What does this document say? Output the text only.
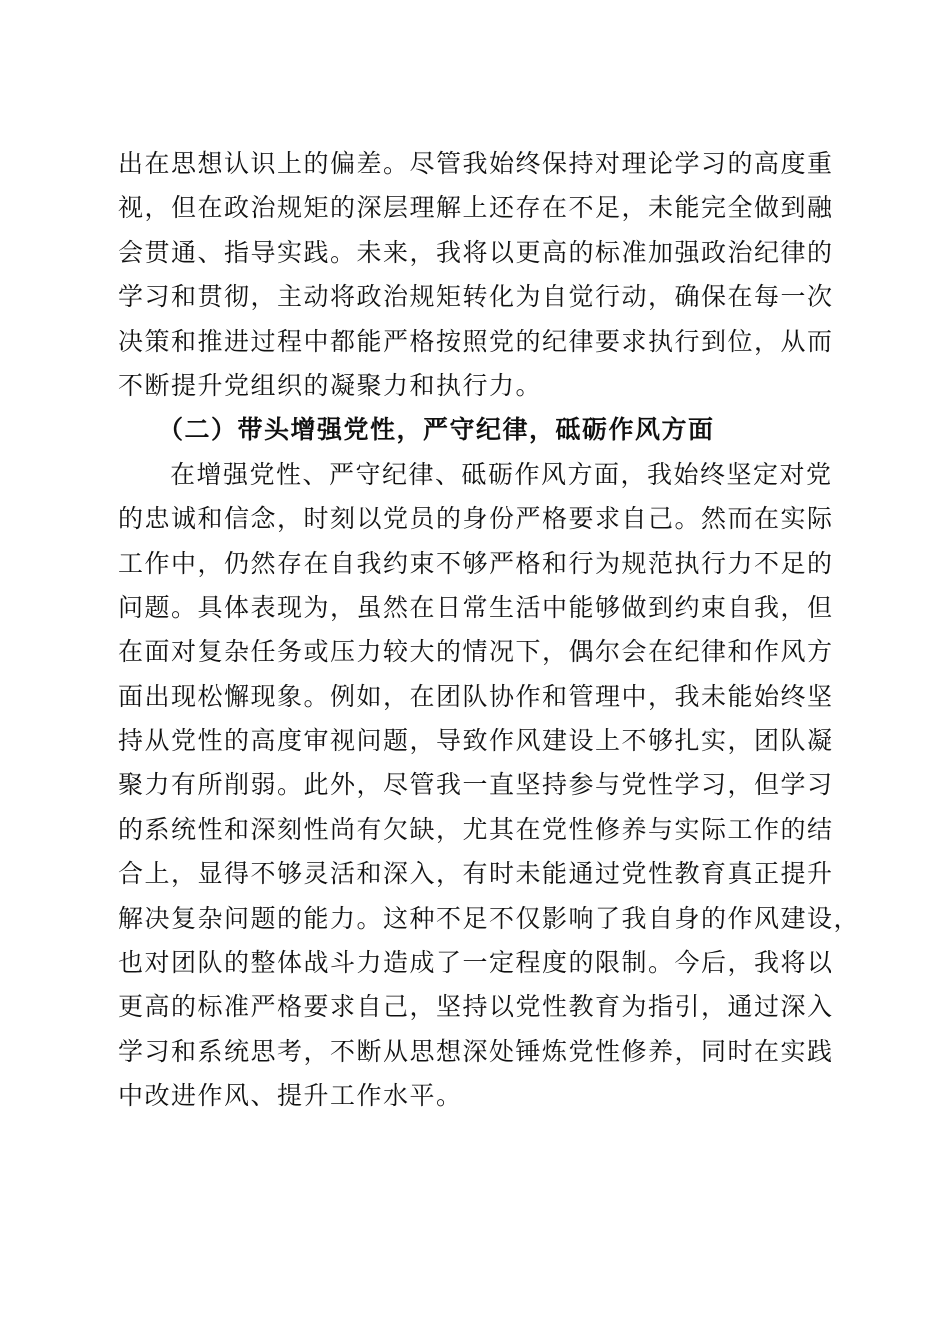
出在思想认识上的偏差。尽管我始终保持对理论学习的高度重
视，但在政治规矩的深层理解上还存在不足，未能完全做到融
会贯通、指导实践。未来，我将以更高的标准加强政治纪律的
学习和贯彻，主动将政治规矩转化为自觉行动，确保在每一次
决策和推进过程中都能严格按照党的纪律要求执行到位，从而
不断提升党组织的凝聚力和执行力。
（二）带头增强党性，严守纪律，砥砺作风方面
在增强党性、严守纪律、砥砺作风方面，我始终坚定对党
的忠诚和信念，时刻以党员的身份严格要求自己。然而在实际
工作中，仍然存在自我约束不够严格和行为规范执行力不足的
问题。具体表现为，虽然在日常生活中能够做到约束自我，但
在面对复杂任务或压力较大的情况下，偶尔会在纪律和作风方
面出现松懈现象。例如，在团队协作和管理中，我未能始终坚
持从党性的高度审视问题，导致作风建设上不够扎实，团队凝
聚力有所削弱。此外，尽管我一直坚持参与党性学习，但学习
的系统性和深刻性尚有欠缺，尤其在党性修养与实际工作的结
合上，显得不够灵活和深入，有时未能通过党性教育真正提升
解决复杂问题的能力。这种不足不仅影响了我自身的作风建设，
也对团队的整体战斗力造成了一定程度的限制。今后，我将以
更高的标准严格要求自己，坚持以党性教育为指引，通过深入
学习和系统思考，不断从思想深处锤炼党性修养，同时在实践
中改进作风、提升工作水平。
